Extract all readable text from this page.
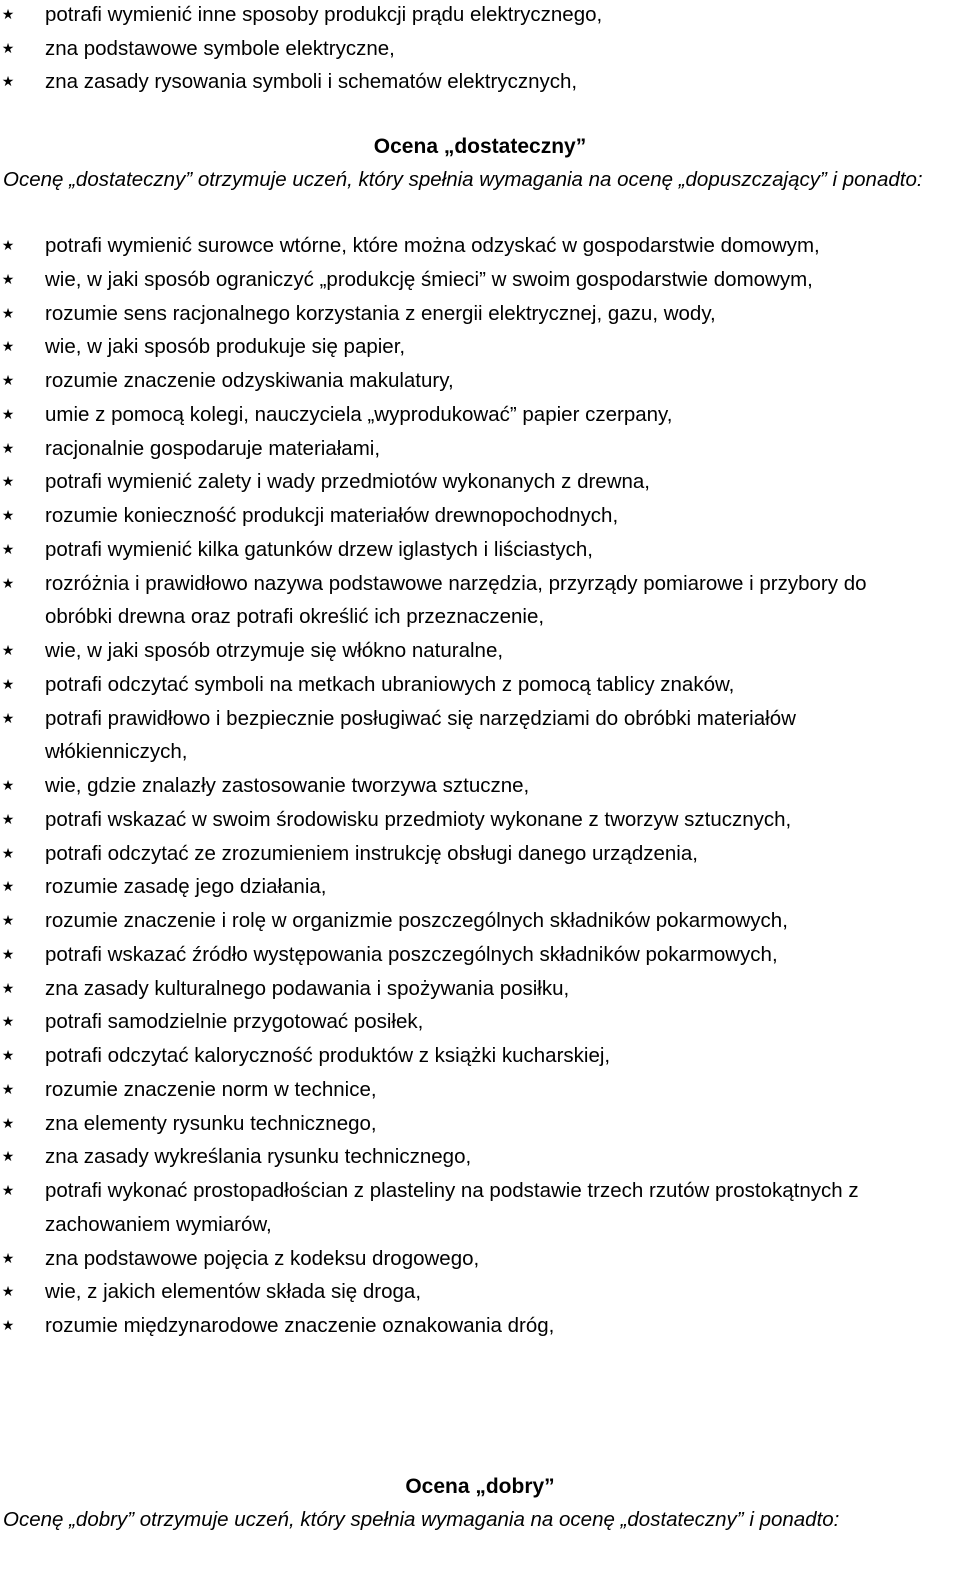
★ potrafi wymienić inne sposoby produkcji prądu elektrycznego,
★ zna podstawowe symbole elektryczne,
★ zna zasady rysowania symboli i schematów elektrycznych,
Ocena „dostateczny”
Ocenę „dostateczny” otrzymuje uczeń, który spełnia wymagania na ocenę „dopuszczający” i ponadto:
★ potrafi wymienić surowce wtórne, które można odzyskać w gospodarstwie domowym,
★ wie, w jaki sposób ograniczyć „produkcję śmieci” w swoim gospodarstwie domowym,
★ rozumie sens racjonalnego korzystania z energii elektrycznej, gazu, wody,
★ wie, w jaki sposób produkuje się papier,
★ rozumie znaczenie odzyskiwania makulatury,
★ umie z pomocą kolegi, nauczyciela „wyprodukować” papier czerpany,
★ racjonalnie gospodaruje materiałami,
★ potrafi wymienić zalety i wady przedmiotów wykonanych z drewna,
★ rozumie konieczność produkcji materiałów drewnopochodnych,
★ potrafi wymienić kilka gatunków drzew iglastych i liściastych,
★ rozróżnia i prawidłowo nazywa podstawowe narzędzia, przyrządy pomiarowe i przybory do obróbki drewna oraz potrafi określić ich przeznaczenie,
★ wie, w jaki sposób otrzymuje się włókno naturalne,
★ potrafi odczytać symboli na metkach ubraniowych z pomocą tablicy znaków,
★ potrafi prawidłowo i bezpiecznie posługiwać się narzędziami do obróbki materiałów włókienniczych,
★ wie, gdzie znalazły zastosowanie tworzywa sztuczne,
★ potrafi wskazać w swoim środowisku przedmioty wykonane z tworzyw sztucznych,
★ potrafi odczytać ze zrozumieniem instrukcję obsługi danego urządzenia,
★ rozumie zasadę jego działania,
★ rozumie znaczenie i rolę w organizmie poszczególnych składników pokarmowych,
★ potrafi wskazać źródło występowania poszczególnych składników pokarmowych,
★ zna zasady kulturalnego podawania i spożywania posiłku,
★ potrafi samodzielnie przygotować posiłek,
★ potrafi odczytać kaloryczność produktów z książki kucharskiej,
★ rozumie znaczenie norm w technice,
★ zna elementy rysunku technicznego,
★ zna zasady wykreślania rysunku technicznego,
★ potrafi wykonać prostopadłościan z plasteliny na podstawie trzech rzutów prostokątnych z zachowaniem wymiarów,
★ zna podstawowe pojęcia z kodeksu drogowego,
★ wie, z jakich elementów składa się droga,
★ rozumie międzynarodowe znaczenie oznakowania dróg,
Ocena „dobry”
Ocenę „dobry” otrzymuje uczeń, który spełnia wymagania na ocenę „dostateczny” i ponadto:
